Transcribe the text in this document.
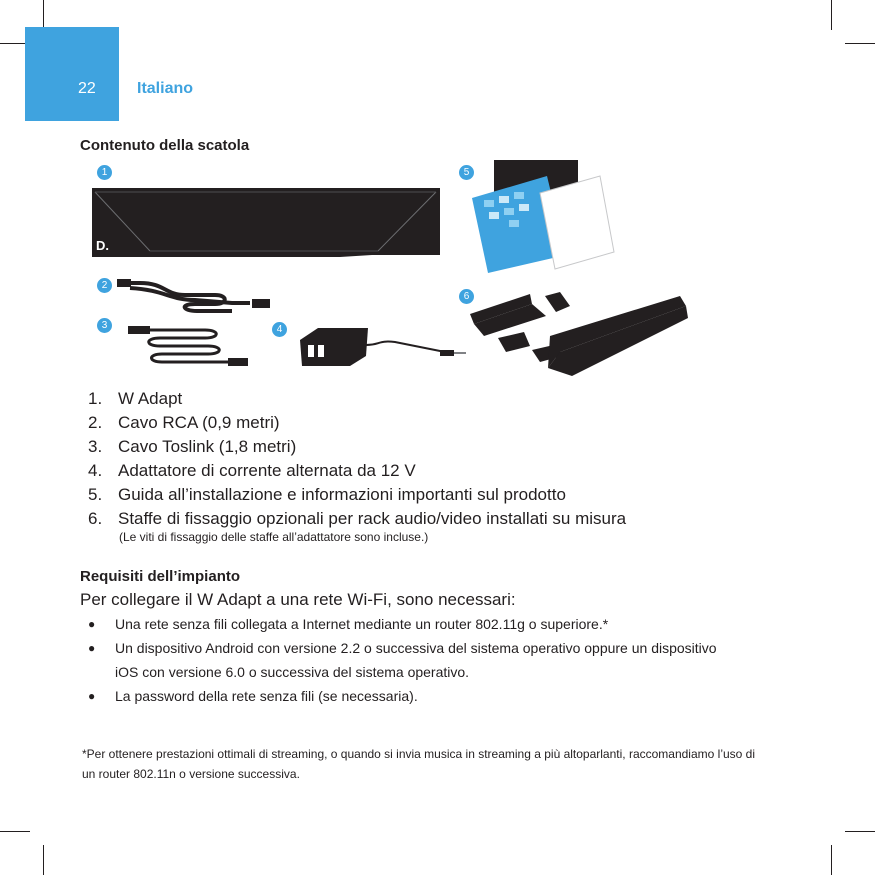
22	Italiano
Contenuto della scatola
D.
1
2
3	4
5
6
1. W Adapt
2. Cavo RCA (0,9 metri)
3. Cavo Toslink (1,8 metri)
4. Adattatore di corrente alternata da 12 V
5. Guida all’installazione e informazioni importanti sul prodotto
6. Staffe di fissaggio opzionali per rack audio/video installati su misura
(Le viti di fissaggio delle staffe all’adattatore sono incluse.)
Requisiti dell’impianto
Per collegare il W Adapt a una rete Wi-Fi, sono necessari:
● Una rete senza fili collegata a Internet mediante un router 802.11g o superiore.*
● Un dispositivo Android con versione 2.2 o successiva del sistema operativo oppure un dispositivo iOS con versione 6.0 o successiva del sistema operativo.
● La password della rete senza fili (se necessaria).
*Per ottenere prestazioni ottimali di streaming, o quando si invia musica in streaming a più altoparlanti, raccomandiamo l’uso di un router 802.11n o versione successiva.
